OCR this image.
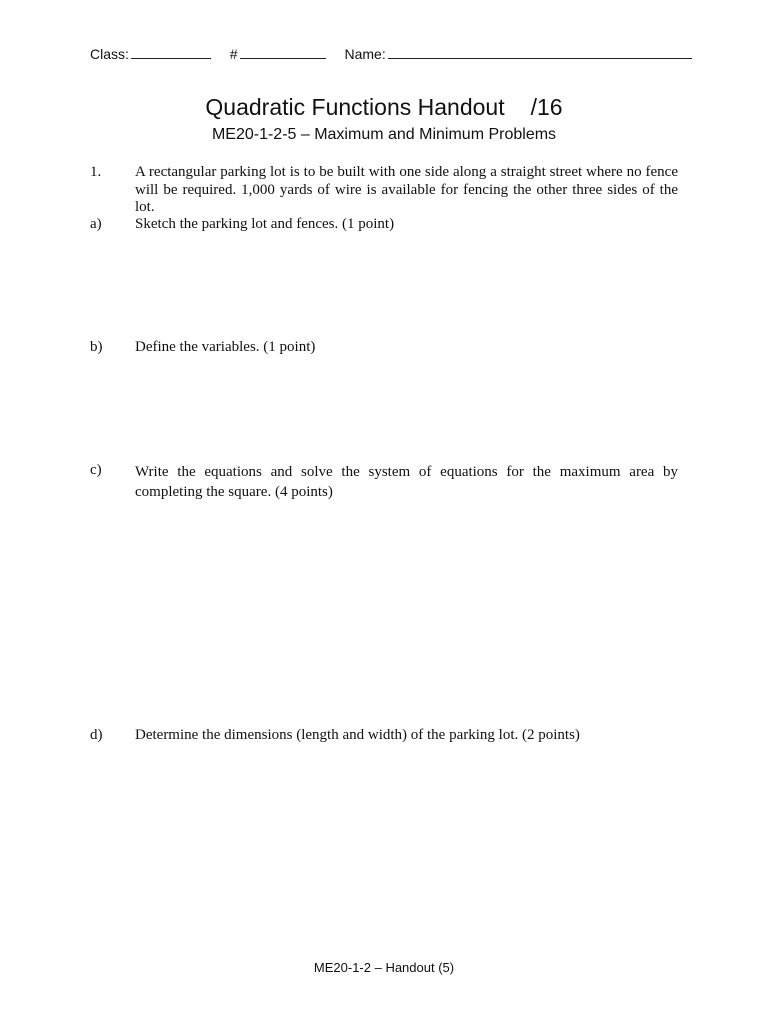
Class:	#	Name:
Quadratic Functions Handout /16
ME20-1-2-5 – Maximum and Minimum Problems
1. A rectangular parking lot is to be built with one side along a straight street where no fence will be required. 1,000 yards of wire is available for fencing the other three sides of the lot.
a) Sketch the parking lot and fences. (1 point)
b) Define the variables. (1 point)
c) Write the equations and solve the system of equations for the maximum area by completing the square. (4 points)
d) Determine the dimensions (length and width) of the parking lot. (2 points)
ME20-1-2 – Handout (5)
